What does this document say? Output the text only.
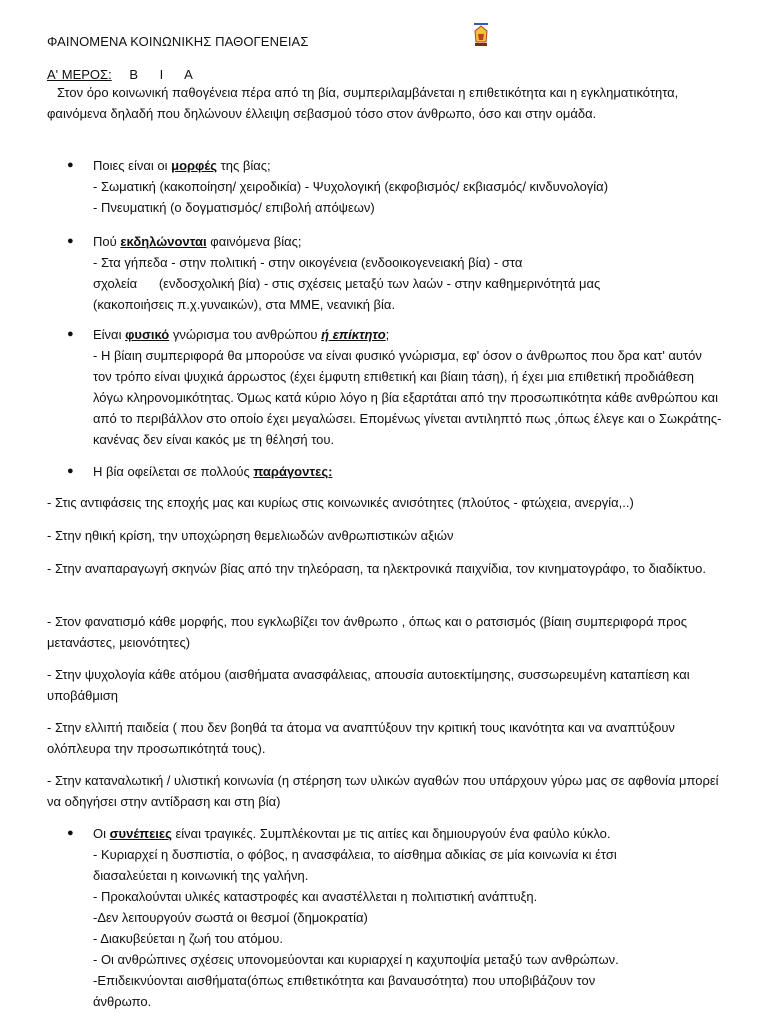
ΦΑΙΝΟΜΕΝΑ ΚΟΙΝΩΝΙΚΗΣ ΠΑΘΟΓΕΝΕΙΑΣ
Α' ΜΕΡΟΣ: Β Ι Α

Στον όρο κοινωνική παθογένεια πέρα από τη βία, συμπεριλαμβάνεται η επιθετικότητα και η εγκληματικότητα, φαινόμενα δηλαδή που δηλώνουν έλλειψη σεβασμού τόσο στον άνθρωπο, όσο και στην ομάδα.

● Ποιες είναι οι μορφές της βίας;

- Σωματική (κακοποίηση/ χειροδικία) - Ψυχολογική (εκφοβισμός/ εκβιασμός/ κινδυνολογία)

- Πνευματική (ο δογματισμός/ επιβολή απόψεων)

● Πού εκδηλώνονται φαινόμενα βίας;

- Στα γήπεδα - στην πολιτική - στην οικογένεια (ενδοοικογενειακή βία) - στα

σχολεία      (ενδοσχολική βία) - στις σχέσεις μεταξύ των λαών - στην καθημερινότητά μας

(κακοποιήσεις π.χ.γυναικών), στα ΜΜΕ, νεανική βία.

● Είναι φυσικό γνώρισμα του ανθρώπου ή επίκτητο;

- Η βίαιη συμπεριφορά θα μπορούσε να είναι φυσικό γνώρισμα, εφ' όσον ο άνθρωπος που δρα κατ' αυτόν τον τρόπο είναι ψυχικά άρρωστος (έχει έμφυτη επιθετική και βίαιη τάση), ή έχει μια επιθετική προδιάθεση λόγω κληρονομικότητας. Όμως κατά κύριο λόγο η βία εξαρτάται από την προσωπικότητα κάθε ανθρώπου και από το περιβάλλον στο οποίο έχει μεγαλώσει. Επομένως γίνεται αντιληπτό πως ,όπως έλεγε και ο Σωκράτης- κανένας δεν είναι κακός με τη θέλησή του.

● Η βία οφείλεται σε πολλούς παράγοντες:

- Στις αντιφάσεις της εποχής μας και κυρίως στις κοινωνικές ανισότητες (πλούτος - φτώχεια, ανεργία,..)

- Στην ηθική κρίση, την υποχώρηση θεμελιωδών ανθρωπιστικών αξιών

- Στην αναπαραγωγή σκηνών βίας από την τηλεόραση, τα ηλεκτρονικά παιχνίδια, τον κινηματογράφο, το διαδίκτυο.

- Στον φανατισμό κάθε μορφής, που εγκλωβίζει τον άνθρωπο , όπως και ο ρατσισμός (βίαιη συμπεριφορά προς μετανάστες, μειονότητες)

- Στην ψυχολογία κάθε ατόμου (αισθήματα ανασφάλειας, απουσία αυτοεκτίμησης, συσσωρευμένη καταπίεση και υποβάθμιση

- Στην ελλιπή παιδεία ( που δεν βοηθά τα άτομα να αναπτύξουν την κριτική τους ικανότητα και να αναπτύξουν ολόπλευρα την προσωπικότητά τους).

- Στην καταναλωτική / υλιστική κοινωνία (η στέρηση των υλικών αγαθών που υπάρχουν γύρω μας σε αφθονία μπορεί να οδηγήσει στην αντίδραση και στη βία)

● Οι συνέπειες είναι τραγικές. Συμπλέκονται με τις αιτίες και δημιουργούν ένα φαύλο κύκλο.

- Κυριαρχεί η δυσπιστία, ο φόβος, η ανασφάλεια, το αίσθημα αδικίας σε μία κοινωνία κι έτσι

διασαλεύεται η κοινωνική της γαλήνη.

- Προκαλούνται υλικές καταστροφές και αναστέλλεται η πολιτιστική ανάπτυξη.

-Δεν λειτουργούν σωστά οι θεσμοί (δημοκρατία)

- Διακυβεύεται η ζωή του ατόμου.

- Οι ανθρώπινες σχέσεις υπονομεύονται και κυριαρχεί η καχυποψία μεταξύ των ανθρώπων.

-Επιδεικνύονται αισθήματα(όπως επιθετικότητα και βαναυσότητα) που υποβιβάζουν τον

άνθρωπο.
